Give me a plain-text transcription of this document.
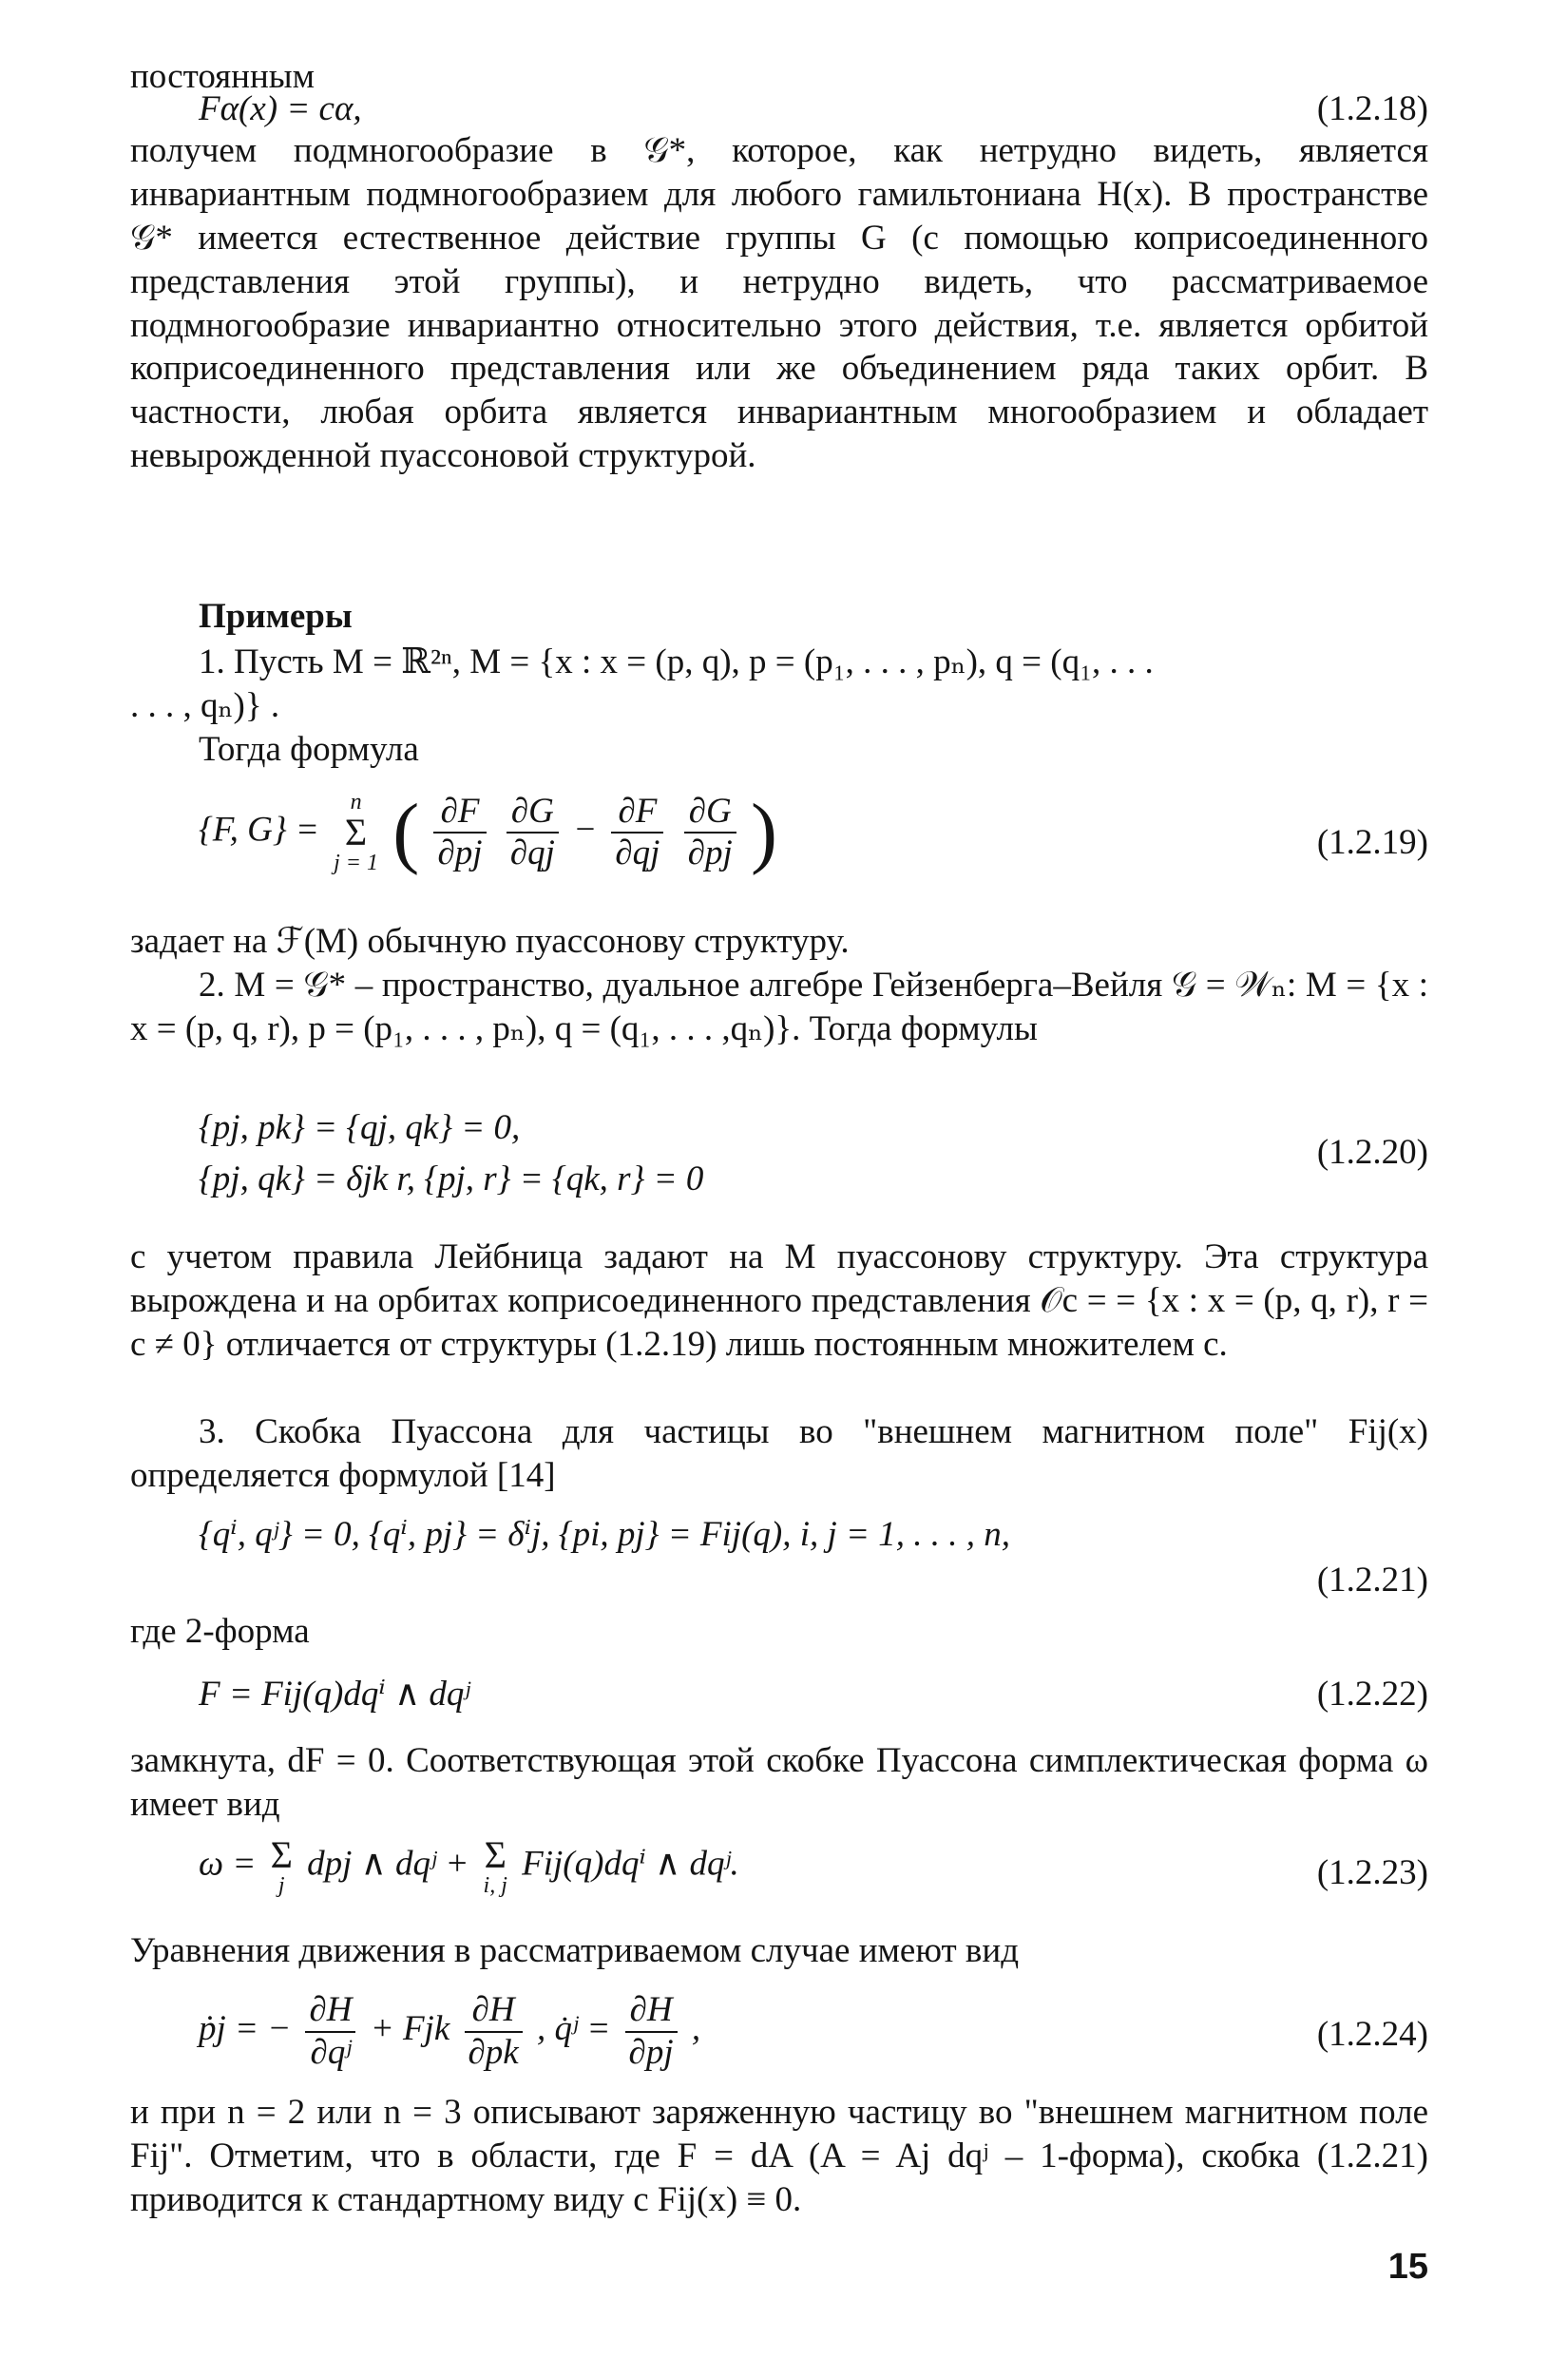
постоянным

Fα(x) = cα,	(1.2.18)

получем подмногообразие в 𝒢*, которое, как нетрудно видеть, является инвариантным подмногообразием для любого гамильтониана H(x). В пространстве 𝒢* имеется естественное действие группы G (с помощью коприсоединенного представления этой группы), и нетрудно видеть, что рассматриваемое подмногообразие инвариантно относительно этого действия, т.е. является орбитой коприсоединенного представления или же объединением ряда таких орбит. В частности, любая орбита является инвариантным многообразием и обладает невырожденной пуассоновой структурой.

Примеры

1. Пусть M = ℝ²ⁿ, M = {x : x = (p, q), p = (p₁, . . . , pₙ), q = (q₁, . . .

. . . , qₙ)} .

Тогда формула

{F, G} =
n
Σ
j = 1 ( $\frac{\partial F}{\partial pj}$
$\frac{\partial G}{\partial qj} - \frac{\partial F}{\partial qj}$
$\frac{\partial G}{\partial pj}$ )	(1.2.19)

задает на ℱ(M) обычную пуассонову структуру.

2. M = 𝒢* – пространство, дуальное алгебре Гейзенберга–Вейля 𝒢 = 𝒲ₙ: M = {x : x = (p, q, r), p = (p₁, . . . , pₙ), q = (q₁, . . . ,qₙ)}. Тогда формулы

{pj, pk} = {qj, qk} = 0,

{pj, qk} = δjk r, {pj, r} = {qk, r} = 0

(1.2.20)

с учетом правила Лейбница задают на M пуассонову структуру. Эта структура вырождена и на орбитах коприсоединенного представления 𝒪c = = {x : x = (p, q, r), r = c ≠ 0} отличается от структуры (1.2.19) лишь постоянным множителем c.

3. Скобка Пуассона для частицы во "внешнем магнитном поле" Fij(x) определяется формулой [14]

{qⁱ, qʲ} = 0, {qⁱ, pj} = δⁱj, {pi, pj} = Fij(q), i, j = 1, . . . , n,

(1.2.21)

где 2-форма

F = Fij(q)dqⁱ ∧ dqʲ	(1.2.22)

замкнута, dF = 0. Соответствующая этой скобке Пуассона симплектическая форма ω имеет вид

ω = Σ
j
dpj ∧ dqʲ + Σ
i, j
Fij(q)dqⁱ ∧ dqʲ.	(1.2.23)

Уравнения движения в рассматриваемом случае имеют вид

ṗj = − $\frac{\partial H}{\text{∂qʲ}}$ + Fjk $\frac{\partial H}{\partial pk}$ , q̇ʲ = $\frac{\partial H}{\partial pj}$ ,	(1.2.24)

и при n = 2 или n = 3 описывают заряженную частицу во "внешнем магнитном поле Fij". Отметим, что в области, где F = dA (A = Aj dqʲ – 1-форма), скобка (1.2.21) приводится к стандартному виду с Fij(x) ≡ 0.

15
